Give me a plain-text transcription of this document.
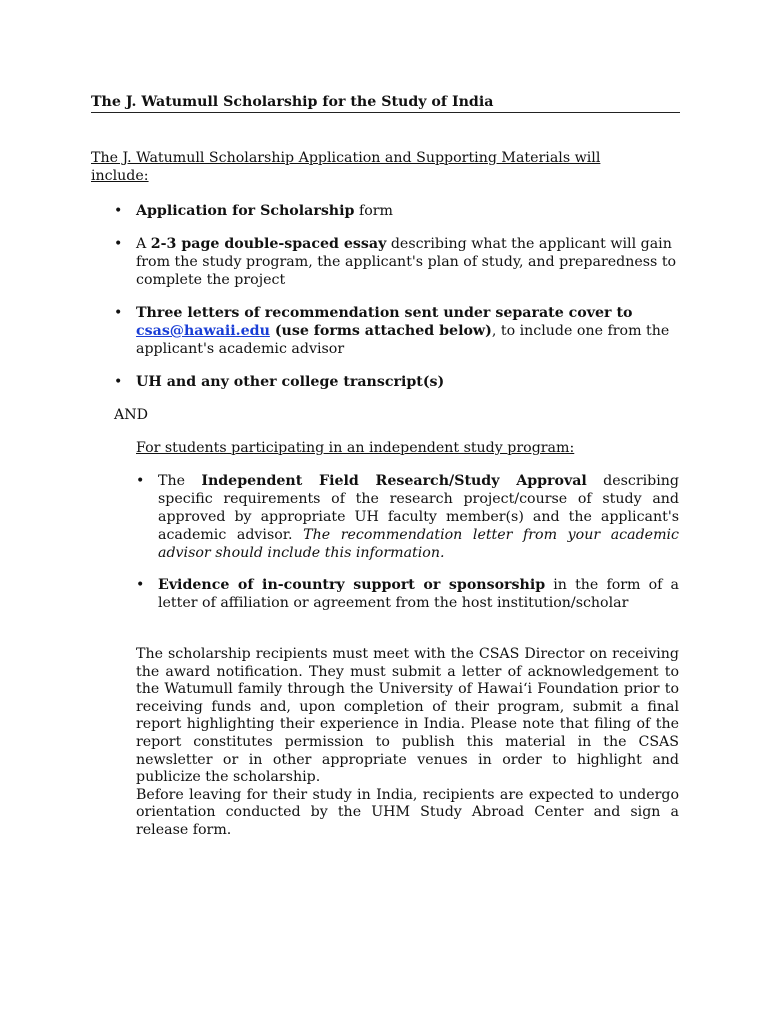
The J. Watumull Scholarship for the Study of India
The J. Watumull Scholarship Application and Supporting Materials will include:
• Application for Scholarship form
• A 2-3 page double-spaced essay describing what the applicant will gain from the study program, the applicant's plan of study, and preparedness to complete the project
• Three letters of recommendation sent under separate cover to csas@hawaii.edu (use forms attached below), to include one from the applicant's academic advisor
• UH and any other college transcript(s)
AND
For students participating in an independent study program:
• The Independent Field Research/Study Approval describing specific requirements of the research project/course of study and approved by appropriate UH faculty member(s) and the applicant's academic advisor. The recommendation letter from your academic advisor should include this information.
• Evidence of in-country support or sponsorship in the form of a letter of affiliation or agreement from the host institution/scholar
The scholarship recipients must meet with the CSAS Director on receiving the award notification. They must submit a letter of acknowledgement to the Watumull family through the University of Hawai‘i Foundation prior to receiving funds and, upon completion of their program, submit a final report highlighting their experience in India. Please note that filing of the report constitutes permission to publish this material in the CSAS newsletter or in other appropriate venues in order to highlight and publicize the scholarship.
Before leaving for their study in India, recipients are expected to undergo orientation conducted by the UHM Study Abroad Center and sign a release form.
